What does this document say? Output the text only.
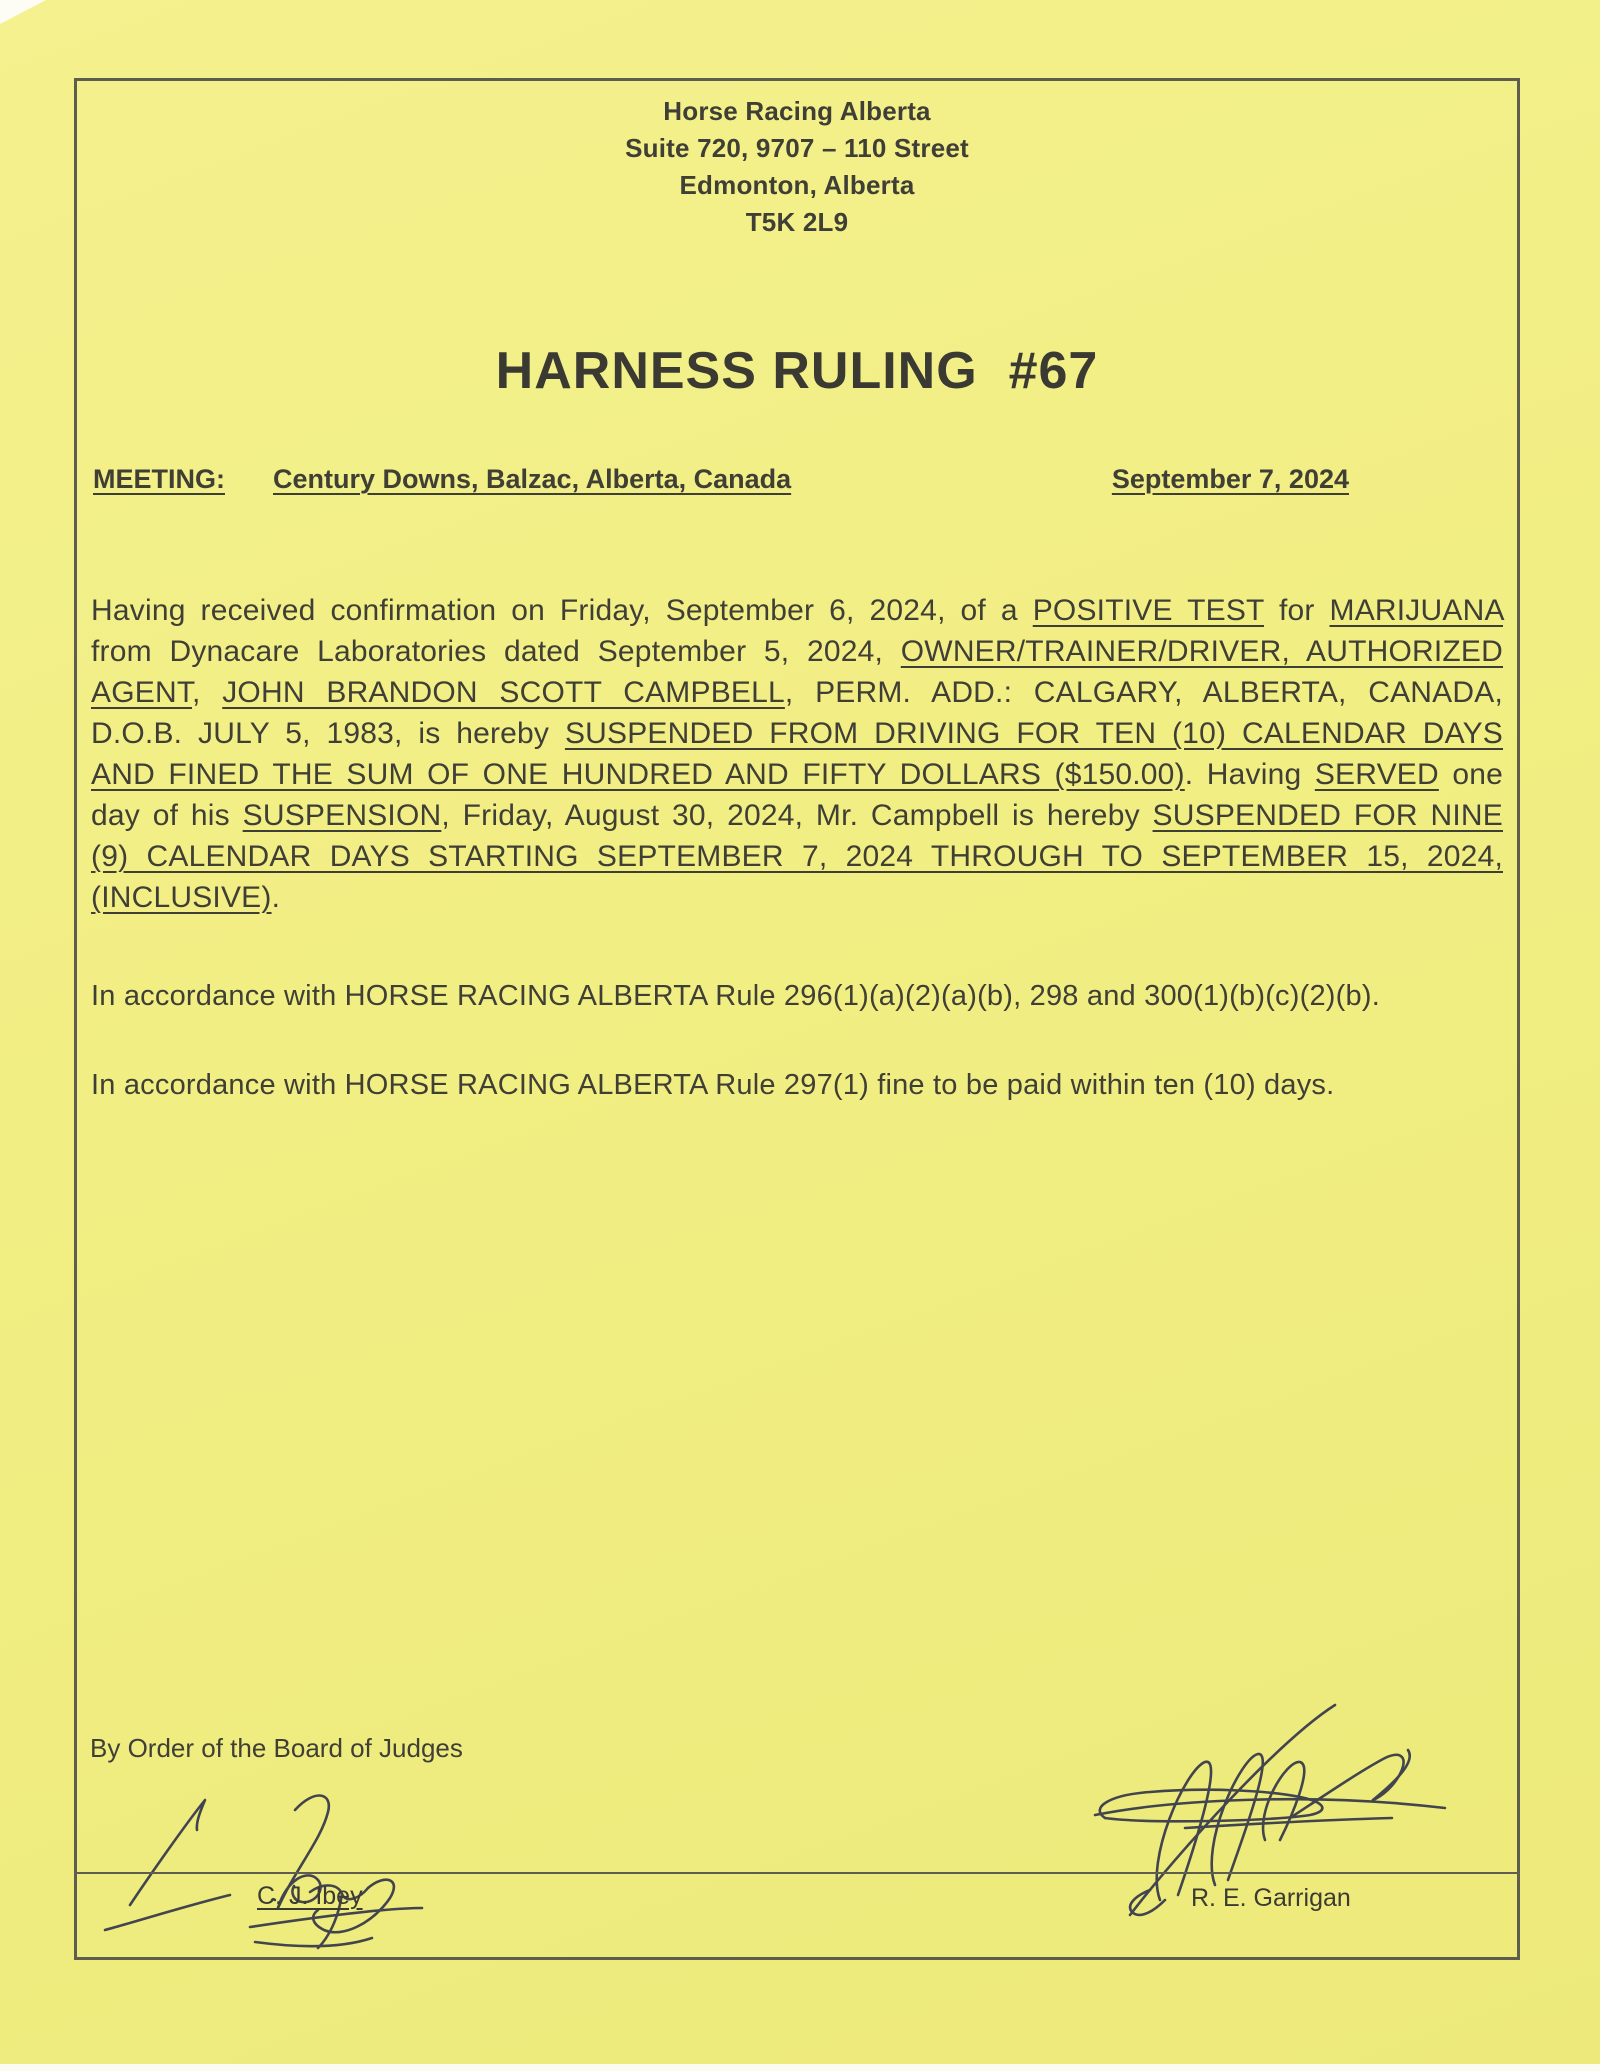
Horse Racing Alberta
Suite 720, 9707 – 110 Street
Edmonton, Alberta
T5K 2L9
HARNESS RULING  #67
MEETING: Century Downs, Balzac, Alberta, Canada	September 7, 2024
Having received confirmation on Friday, September 6, 2024, of a POSITIVE TEST for MARIJUANA from Dynacare Laboratories dated September 5, 2024, OWNER/TRAINER/DRIVER, AUTHORIZED AGENT, JOHN BRANDON SCOTT CAMPBELL, PERM. ADD.: CALGARY, ALBERTA, CANADA, D.O.B. JULY 5, 1983, is hereby SUSPENDED FROM DRIVING FOR TEN (10) CALENDAR DAYS AND FINED THE SUM OF ONE HUNDRED AND FIFTY DOLLARS ($150.00). Having SERVED one day of his SUSPENSION, Friday, August 30, 2024, Mr. Campbell is hereby SUSPENDED FOR NINE (9) CALENDAR DAYS STARTING SEPTEMBER 7, 2024 THROUGH TO SEPTEMBER 15, 2024, (INCLUSIVE).
In accordance with HORSE RACING ALBERTA Rule 296(1)(a)(2)(a)(b), 298 and 300(1)(b)(c)(2)(b).
In accordance with HORSE RACING ALBERTA Rule 297(1) fine to be paid within ten (10) days.
By Order of the Board of Judges
C. J. Ibey	R. E. Garrigan
